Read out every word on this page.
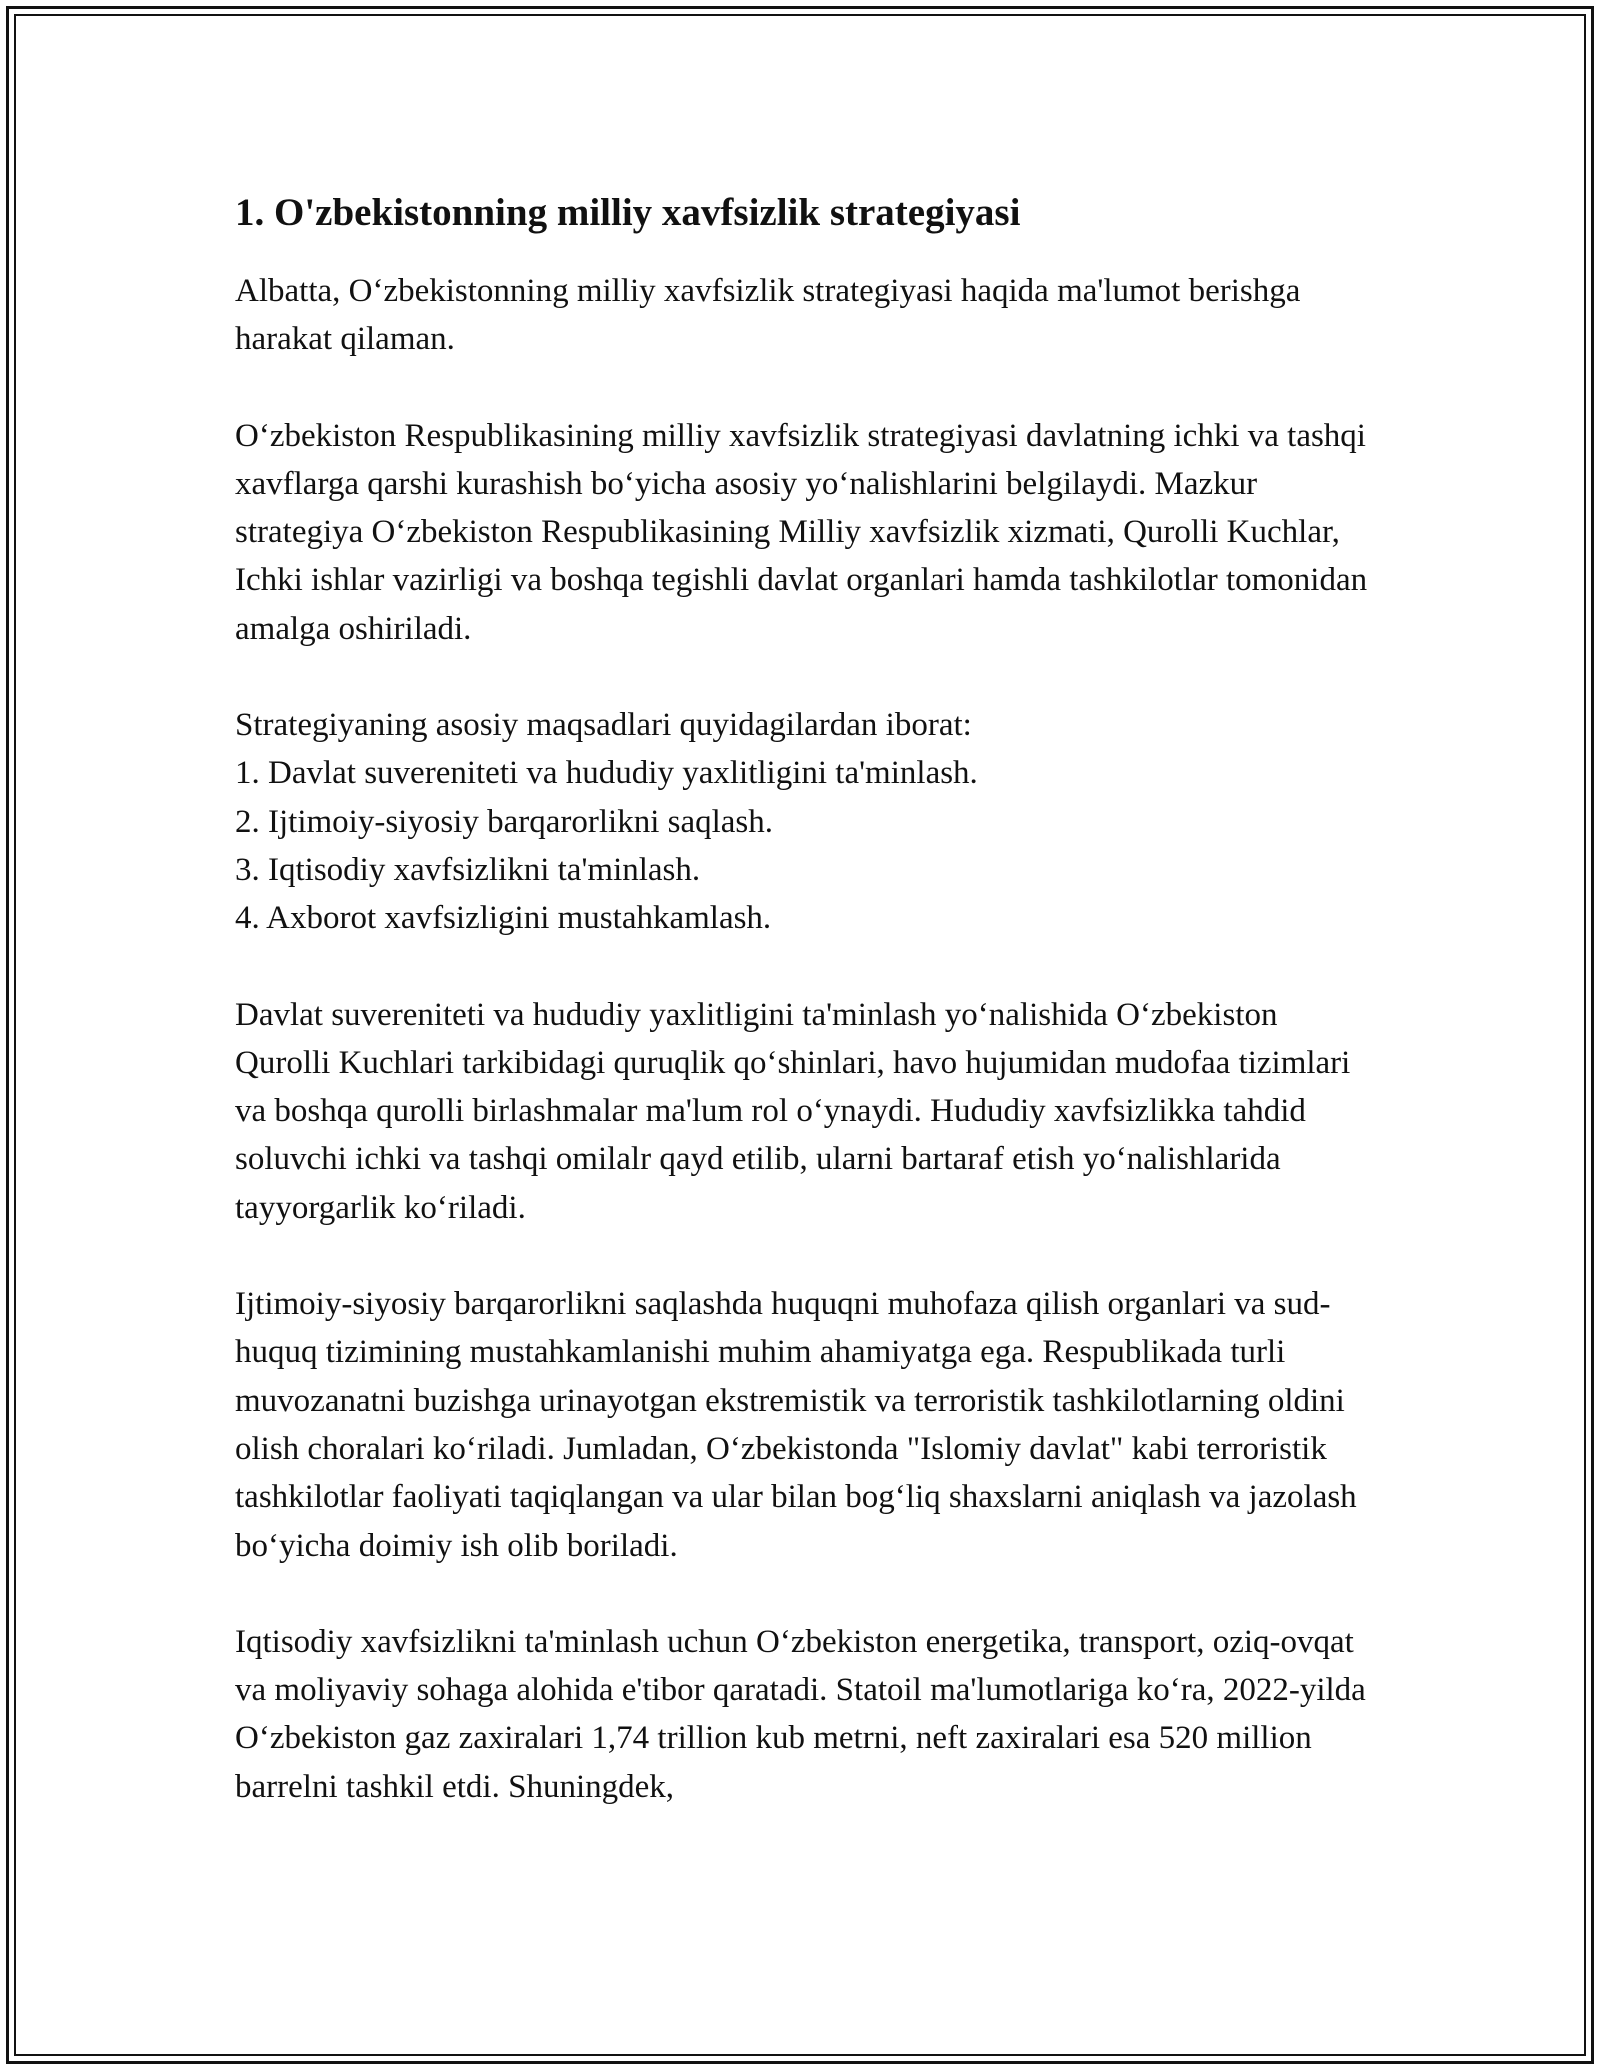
1. O'zbekistonning milliy xavfsizlik strategiyasi

Albatta, O‘zbekistonning milliy xavfsizlik strategiyasi haqida ma'lumot berishga harakat qilaman.

O‘zbekiston Respublikasining milliy xavfsizlik strategiyasi davlatning ichki va tashqi xavflarga qarshi kurashish bo‘yicha asosiy yo‘nalishlarini belgilaydi. Mazkur strategiya O‘zbekiston Respublikasining Milliy xavfsizlik xizmati, Qurolli Kuchlar, Ichki ishlar vazirligi va boshqa tegishli davlat organlari hamda tashkilotlar tomonidan amalga oshiriladi.

Strategiyaning asosiy maqsadlari quyidagilardan iborat:

1. Davlat suvereniteti va hududiy yaxlitligini ta'minlash.
2. Ijtimoiy-siyosiy barqarorlikni saqlash.
3. Iqtisodiy xavfsizlikni ta'minlash.
4. Axborot xavfsizligini mustahkamlash.

Davlat suvereniteti va hududiy yaxlitligini ta'minlash yo‘nalishida O‘zbekiston Qurolli Kuchlari tarkibidagi quruqlik qo‘shinlari, havo hujumidan mudofaa tizimlari va boshqa qurolli birlashmalar ma'lum rol o‘ynaydi. Hududiy xavfsizlikka tahdid soluvchi ichki va tashqi omilalr qayd etilib, ularni bartaraf etish yo‘nalishlarida tayyorgarlik ko‘riladi.

Ijtimoiy-siyosiy barqarorlikni saqlashda huquqni muhofaza qilish organlari va sud-huquq tizimining mustahkamlanishi muhim ahamiyatga ega. Respublikada turli muvozanatni buzishga urinayotgan ekstremistik va terroristik tashkilotlarning oldini olish choralari ko‘riladi. Jumladan, O‘zbekistonda "Islomiy davlat" kabi terroristik tashkilotlar faoliyati taqiqlangan va ular bilan bog‘liq shaxslarni aniqlash va jazolash bo‘yicha doimiy ish olib boriladi.

Iqtisodiy xavfsizlikni ta'minlash uchun O‘zbekiston energetika, transport, oziq-ovqat va moliyaviy sohaga alohida e'tibor qaratadi. Statoil ma'lumotlariga ko‘ra, 2022-yilda O‘zbekiston gaz zaxiralari 1,74 trillion kub metrni, neft zaxiralari esa 520 million barrelni tashkil etdi. Shuningdek,
